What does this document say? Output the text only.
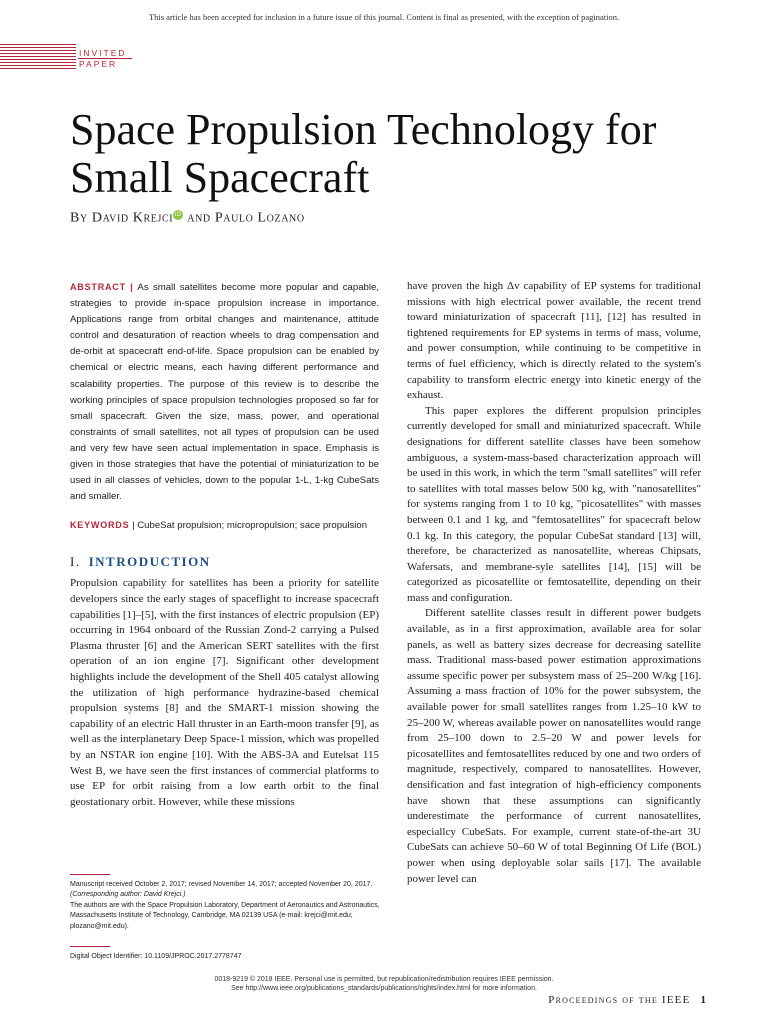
This article has been accepted for inclusion in a future issue of this journal. Content is final as presented, with the exception of pagination.
INVITED
PAPER
Space Propulsion Technology for Small Spacecraft
By David Krejci iD and Paulo Lozano

ABSTRACT | As small satellites become more popular and capable, strategies to provide in-space propulsion increase in importance. Applications range from orbital changes and maintenance, attitude control and desaturation of reaction wheels to drag compensation and de-orbit at spacecraft end-of-life. Space propulsion can be enabled by chemical or electric means, each having different performance and scalability properties. The purpose of this review is to describe the working principles of space propulsion technologies proposed so far for small spacecraft. Given the size, mass, power, and operational constraints of small satellites, not all types of propulsion can be used and very few have seen actual implementation in space. Emphasis is given in those strategies that have the potential of miniaturization to be used in all classes of vehicles, down to the popular 1-L, 1-kg CubeSats and smaller.

KEYWORDS | CubeSat propulsion; micropropulsion; sace propulsion

I. INTRODUCTION

Propulsion capability for satellites has been a priority for satellite developers since the early stages of spaceflight to increase spacecraft capabilities [1]–[5], with the first instances of electric propulsion (EP) occurring in 1964 onboard of the Russian Zond-2 carrying a Pulsed Plasma thruster [6] and the American SERT satellites with the first operation of an ion engine [7]. Significant other development highlights include the development of the Shell 405 catalyst allowing the utilization of high performance hydrazine-based chemical propulsion systems [8] and the SMART-1 mission showing the capability of an electric Hall thruster in an Earth-moon transfer [9], as well as the interplanetary Deep Space-1 mission, which was propelled by an NSTAR ion engine [10]. With the ABS-3A and Eutelsat 115 West B, we have seen the first instances of commercial platforms to use EP for orbit raising from a low earth orbit to the final geostationary orbit. However, while these missions

have proven the high Δv capability of EP systems for traditional missions with high electrical power available, the recent trend toward miniaturization of spacecraft [11], [12] has resulted in tightened requirements for EP systems in terms of mass, volume, and power consumption, while continuing to be competitive in terms of fuel efficiency, which is directly related to the system's capability to transform electric energy into kinetic energy of the exhaust.

This paper explores the different propulsion principles currently developed for small and miniaturized spacecraft. While designations for different satellite classes have been somehow ambiguous, a system-mass-based characterization approach will be used in this work, in which the term "small satellites" will refer to satellites with total masses below 500 kg, with "nanosatellites" for systems ranging from 1 to 10 kg, "picosatellites" with masses between 0.1 and 1 kg, and "femtosatellites" for spacecraft below 0.1 kg. In this category, the popular CubeSat standard [13] will, therefore, be characterized as nanosatellite, whereas Chipsats, Wafersats, and membrane-syle satellites [14], [15] will be categorized as picosatellite or femtosatellite, depending on their mass and configuration.

Different satellite classes result in different power budgets available, as in a first approximation, available area for solar panels, as well as battery sizes decrease for decreasing satellite mass. Traditional mass-based power estimation approximations assume specific power per subsystem mass of 25–200 W/kg [16]. Assuming a mass fraction of 10% for the power subsystem, the available power for small satellites ranges from 1.25–10 kW to 25–200 W, whereas available power on nanosatellites would range from 25–100 down to 2.5–20 W and power levels for picosatellites and femtosatellites reduced by one and two orders of magnitude, respectively, compared to nanosatellites. However, densification and fast integration of high-efficiency components have shown that these assumptions can significantly underestimate the performance of current nanosatellites, especiallcy CubeSats. For example, current state-of-the-art 3U CubeSats can achieve 50–60 W of total Beginning Of Life (BOL) power when using deployable solar sails [17]. The available power level can

Manuscript received October 2, 2017; revised November 14, 2017; accepted November 20, 2017. (Corresponding author: David Krejci.)

The authors are with the Space Propulsion Laboratory, Department of Aeronautics and Astronautics, Massachusetts Institute of Technology, Cambridge, MA 02139 USA (e-mail: krejci@mit.edu; plozano@mit.edu).

Digital Object Identifier: 10.1109/JPROC.2017.2778747

0018-9219 © 2018 IEEE. Personal use is permitted, but republication/redistribution requires IEEE permission.
See http://www.ieee.org/publications_standards/publications/rights/index.html for more information.
Proceedings of the IEEE 1
